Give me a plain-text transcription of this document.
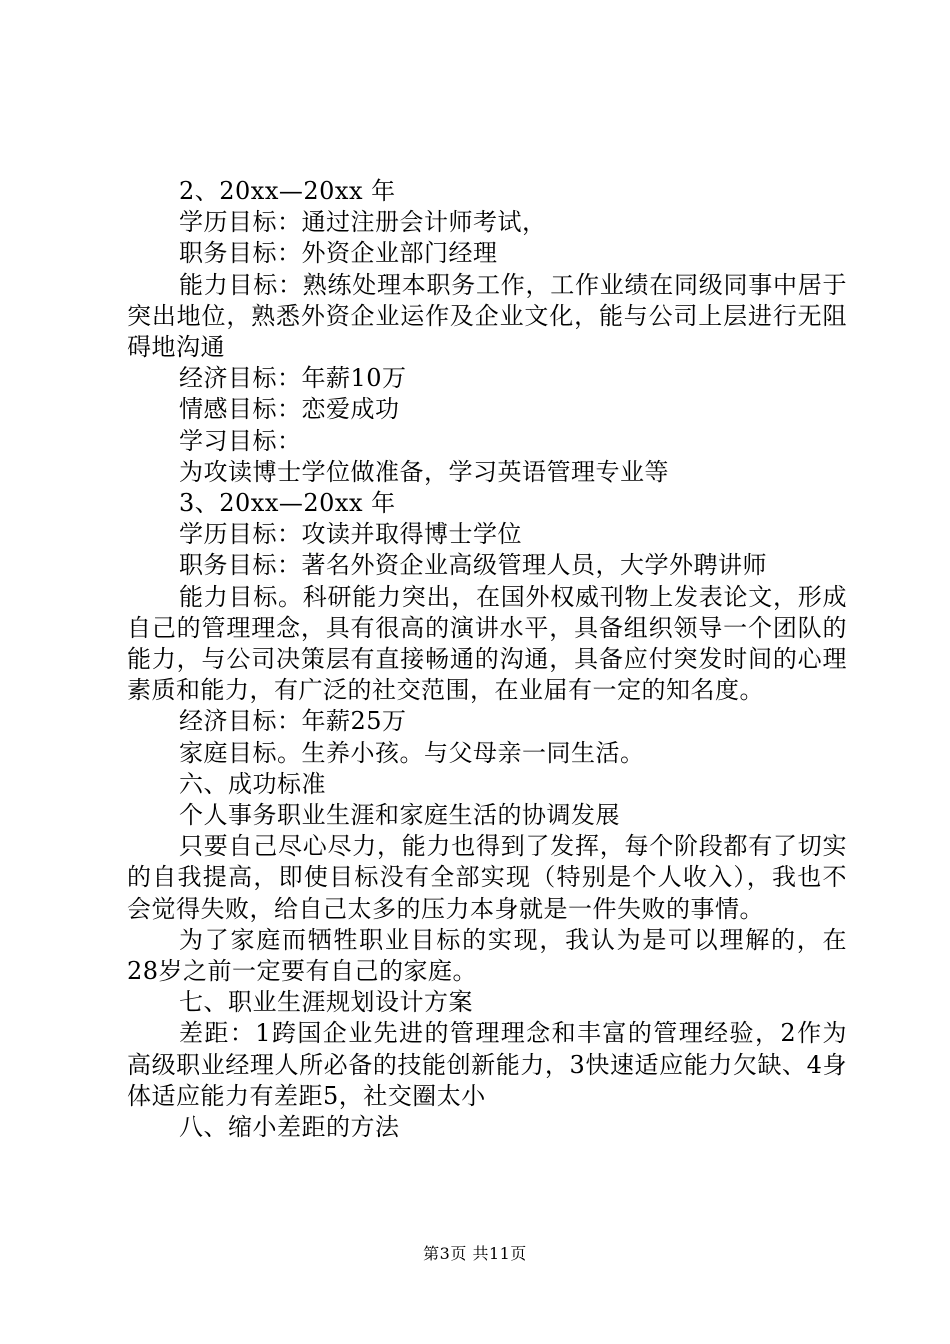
2、20xx—20xx 年

学历目标：通过注册会计师考试，

职务目标：外资企业部门经理

能力目标：熟练处理本职务工作，工作业绩在同级同事中居于突出地位，熟悉外资企业运作及企业文化，能与公司上层进行无阻碍地沟通

经济目标：年薪10万

情感目标：恋爱成功

学习目标：

为攻读博士学位做准备，学习英语管理专业等

3、20xx—20xx 年

学历目标：攻读并取得博士学位

职务目标：著名外资企业高级管理人员，大学外聘讲师

能力目标。科研能力突出，在国外权威刊物上发表论文，形成自己的管理理念，具有很高的演讲水平，具备组织领导一个团队的能力，与公司决策层有直接畅通的沟通，具备应付突发时间的心理素质和能力，有广泛的社交范围，在业届有一定的知名度。

经济目标：年薪25万

家庭目标。生养小孩。与父母亲一同生活。

六、成功标准

个人事务职业生涯和家庭生活的协调发展

只要自己尽心尽力，能力也得到了发挥，每个阶段都有了切实的自我提高，即使目标没有全部实现（特别是个人收入），我也不会觉得失败，给自己太多的压力本身就是一件失败的事情。

为了家庭而牺牲职业目标的实现，我认为是可以理解的，在28岁之前一定要有自己的家庭。

七、职业生涯规划设计方案

差距：1跨国企业先进的管理理念和丰富的管理经验，2作为高级职业经理人所必备的技能创新能力，3快速适应能力欠缺、4身体适应能力有差距5，社交圈太小

八、缩小差距的方法

第3页 共11页
